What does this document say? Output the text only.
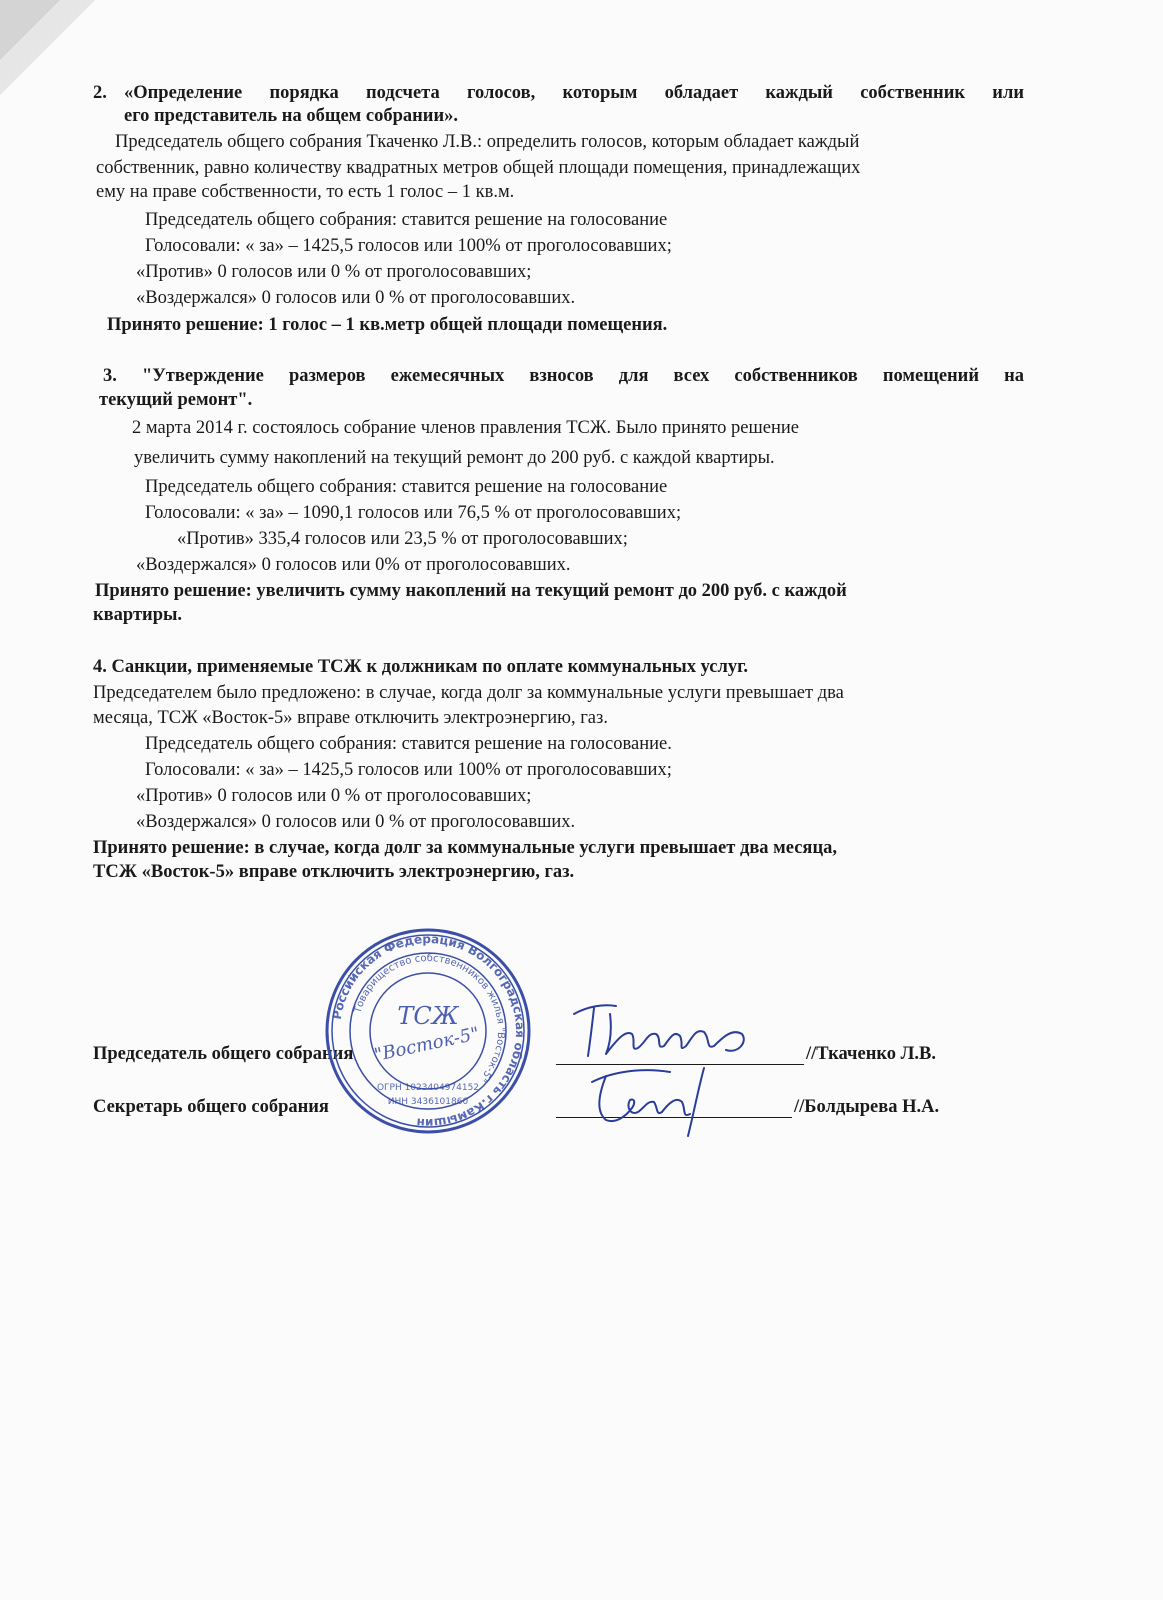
2. «Определение порядка подсчета голосов, которым обладает каждый собственник или
его представитель на общем собрании».
Председатель общего собрания Ткаченко Л.В.: определить голосов, которым обладает каждый
собственник, равно количеству квадратных метров общей площади помещения, принадлежащих
ему на праве собственности, то есть 1 голос – 1 кв.м.
Председатель общего собрания: ставится решение на голосование
Голосовали: « за» – 1425,5 голосов или 100% от проголосовавших;
«Против» 0 голосов или 0 % от проголосовавших;
«Воздержался» 0 голосов или 0 % от проголосовавших.
Принято решение: 1 голос – 1 кв.метр общей площади помещения.
3. "Утверждение размеров ежемесячных взносов для всех собственников помещений на
текущий ремонт".
2 марта 2014 г. состоялось собрание членов правления ТСЖ. Было принято решение
увеличить сумму накоплений на текущий ремонт до 200 руб. с каждой квартиры.
Председатель общего собрания: ставится решение на голосование
Голосовали: « за» – 1090,1 голосов или 76,5 % от проголосовавших;
«Против» 335,4 голосов или 23,5 % от проголосовавших;
«Воздержался» 0 голосов или 0% от проголосовавших.
Принято решение: увеличить сумму накоплений на текущий ремонт до 200 руб. с каждой
квартиры.
4. Санкции, применяемые ТСЖ к должникам по оплате коммунальных услуг.
Председателем было предложено: в случае, когда долг за коммунальные услуги превышает два
месяца, ТСЖ «Восток-5» вправе отключить электроэнергию, газ.
Председатель общего собрания: ставится решение на голосование.
Голосовали: « за» – 1425,5 голосов или 100% от проголосовавших;
«Против» 0 голосов или 0 % от проголосовавших;
«Воздержался» 0 голосов или 0 % от проголосовавших.
Принято решение: в случае, когда долг за коммунальные услуги превышает два месяца,
ТСЖ «Восток-5» вправе отключить электроэнергию, газ.
Председатель общего собрания	//Ткаченко Л.В.
Секретарь общего собрания	//Болдырева Н.А.
Российская Федерация Волгоградская область г.Камышин
Товарищество собственников жилья "Восток-5"
ТСЖ
"Восток-5"
ОГРН 1023404974152
ИНН 3436101860
